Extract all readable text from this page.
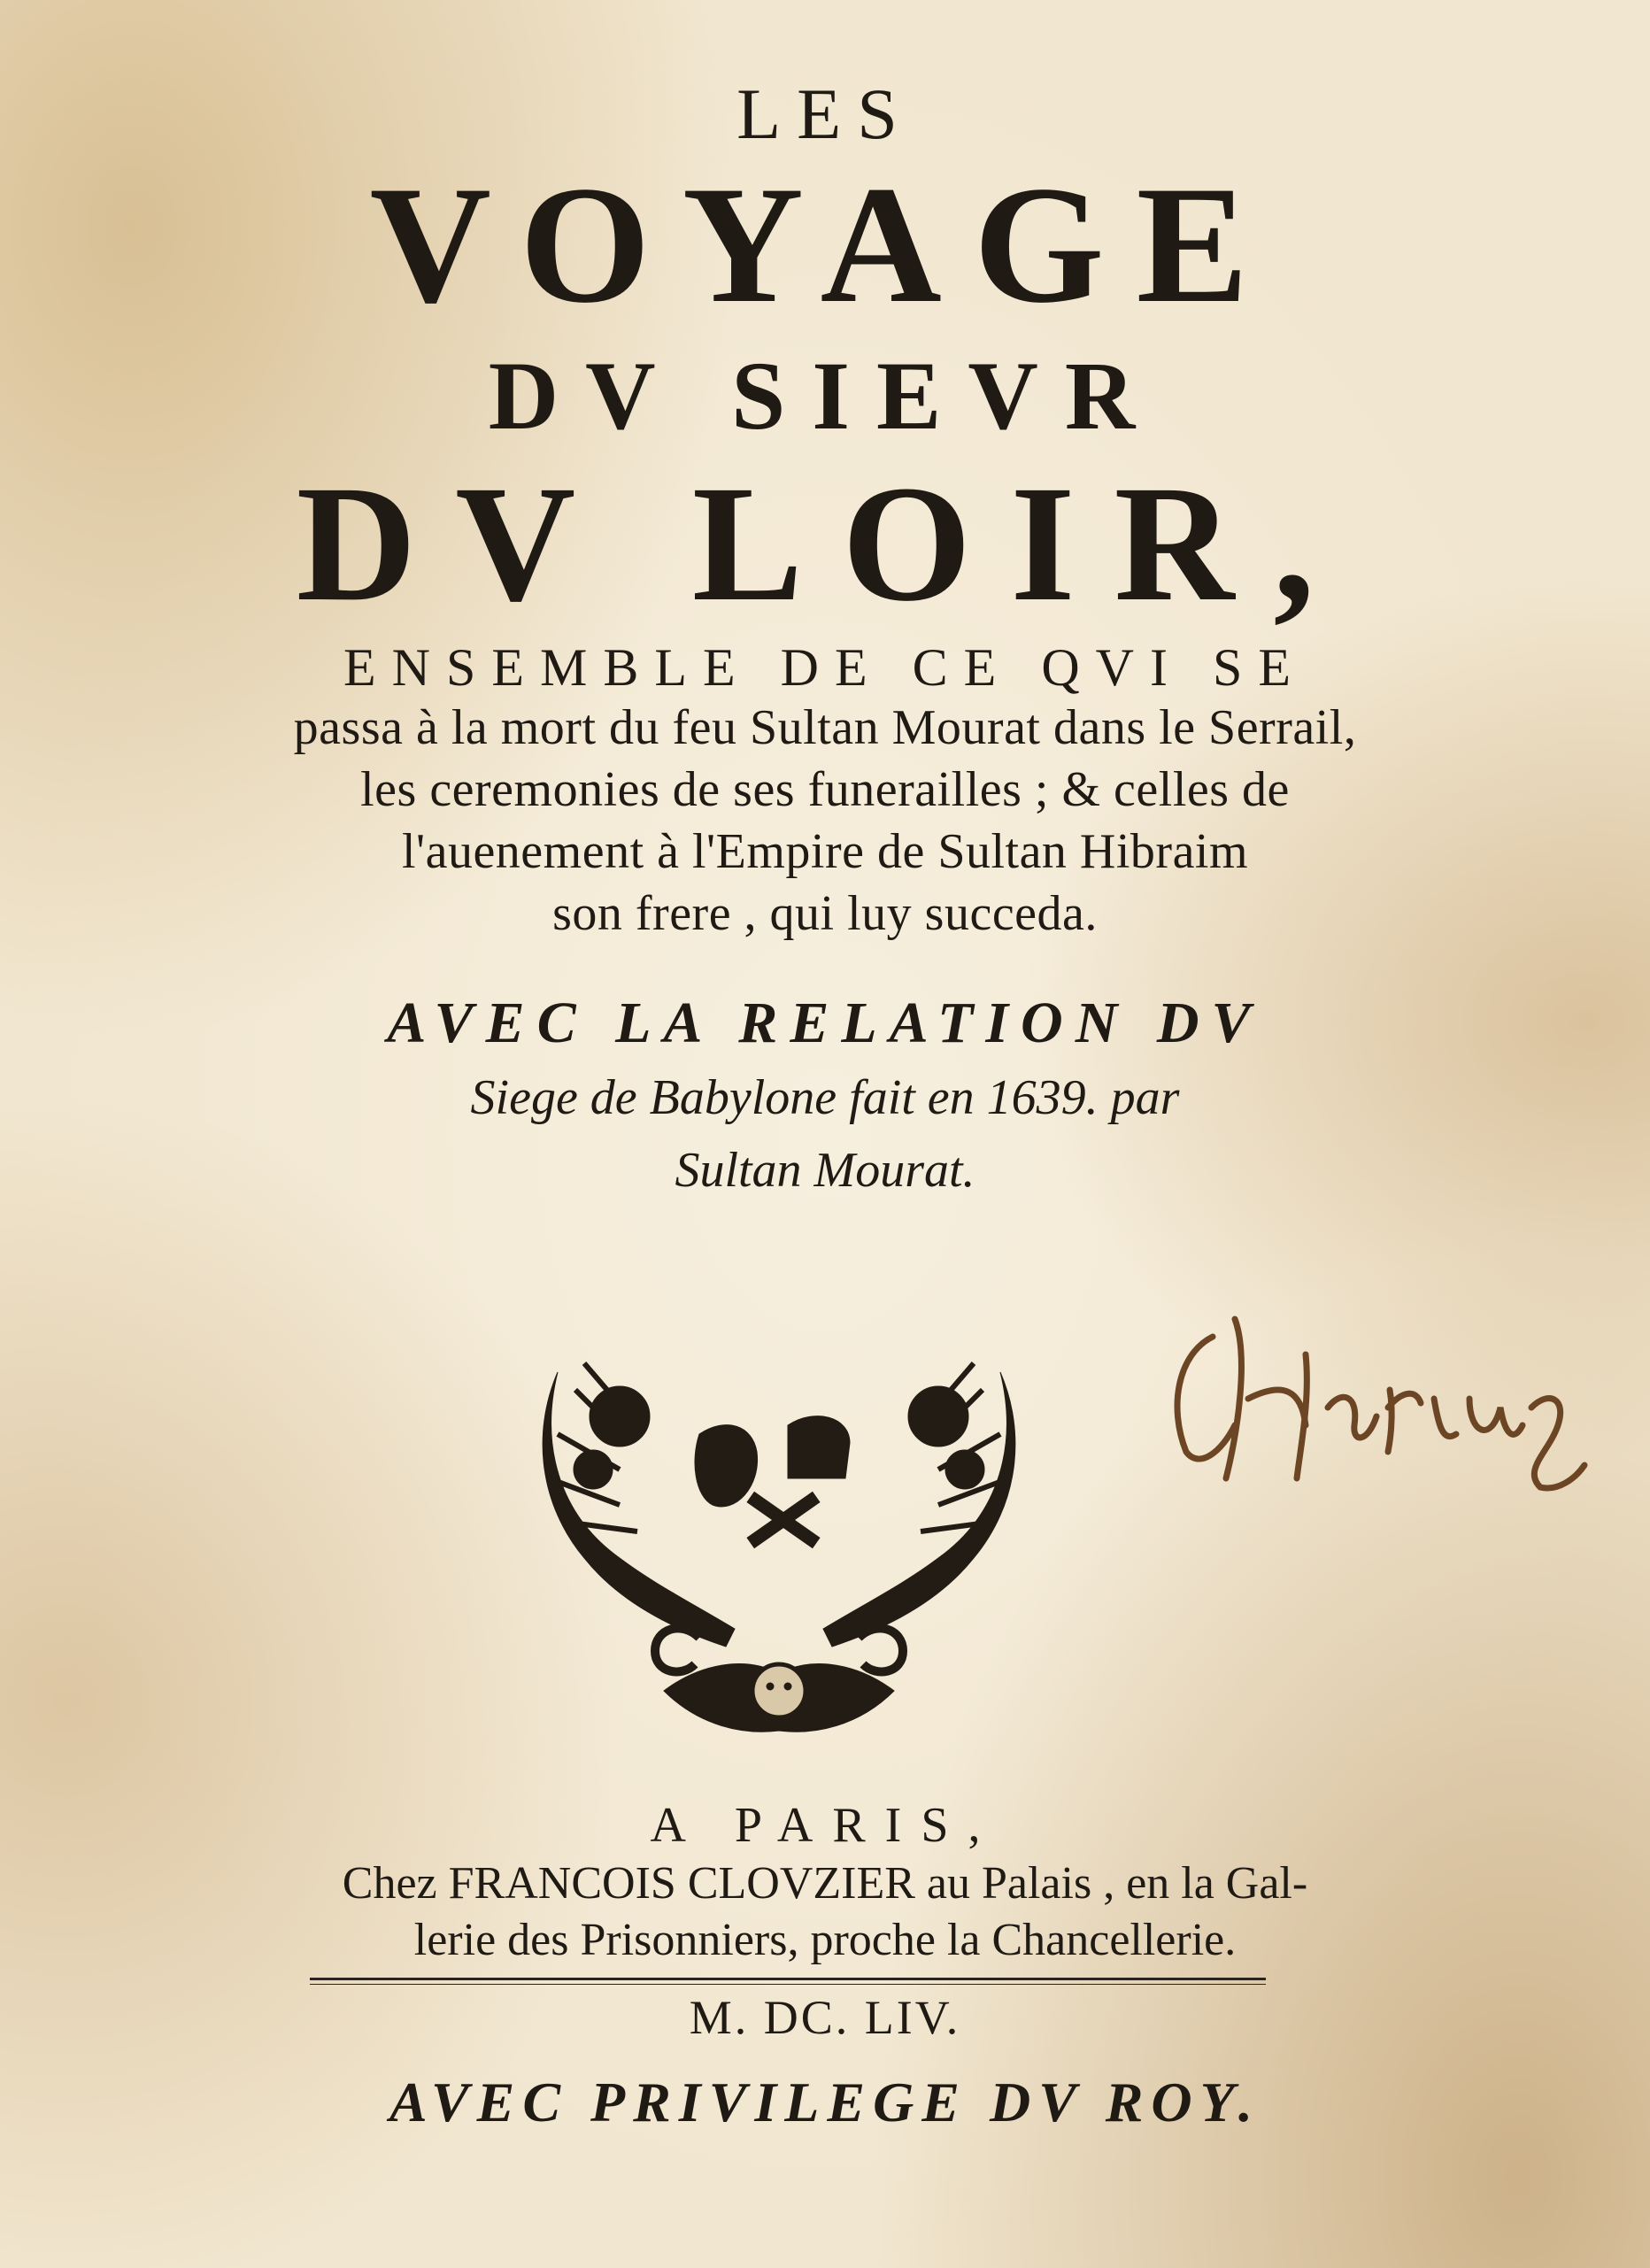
LES
VOYAGE
DV SIEVR
DV LOIR,
ENSEMBLE DE CE QVI SE
passa à la mort du feu Sultan Mourat dans le Serrail,
les ceremonies de ses funerailles ; & celles de
l'auenement à l'Empire de Sultan Hibraim
son frere , qui luy succeda.
AVEC LA RELATION DV
Siege de Babylone fait en 1639. par
Sultan Mourat.
A PARIS,
Chez FRANCOIS CLOVZIER au Palais , en la Gal-
lerie des Prisonniers, proche la Chancellerie.
M. DC. LIV.
AVEC PRIVILEGE DV ROY.
